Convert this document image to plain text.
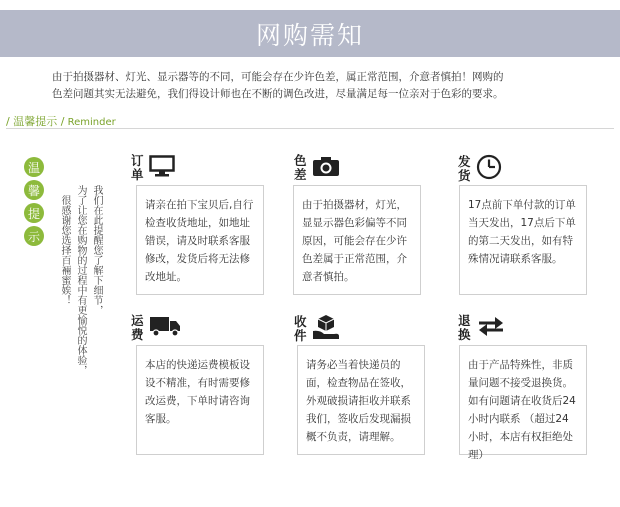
网购需知

由于拍摄器材、灯光、显示器等的不同，可能会存在少许色差，属正常范围，介意者慎拍！网购的

色差问题其实无法避免，我们得设计师也在不断的调色改进，尽量满足每一位亲对于色彩的要求。

/ 温馨提示 / Reminder
温
馨
提
示	我们在此提醒您了解下细节，
为了让您在购物的过程中有更愉悦的体验，
很感谢您选择百裲蜜娭！
订单
请亲在拍下宝贝后,自行检查收货地址，如地址错误，请及时联系客服修改，发货后将无法修改地址。
色差
由于拍摄器材，灯光，显显示器色彩偏等不同原因，可能会存在少许色差属于正常范围，介意者慎拍。
发货
17点前下单付款的订单当天发出，17点后下单的第二天发出，如有特殊情况请联系客服。
运费
本店的快递运费模板设设不精准，有时需要修改运费，下单时请咨询客服。
收件
请务必当着快递员的面，检查物品在签收，外观破损请拒收并联系我们，签收后发现漏损概不负责，请理解。
退换
由于产品特殊性，非质量问题不接受退换货。如有问题请在收货后24小时内联系 （超过24小时，本店有权拒绝处理）
